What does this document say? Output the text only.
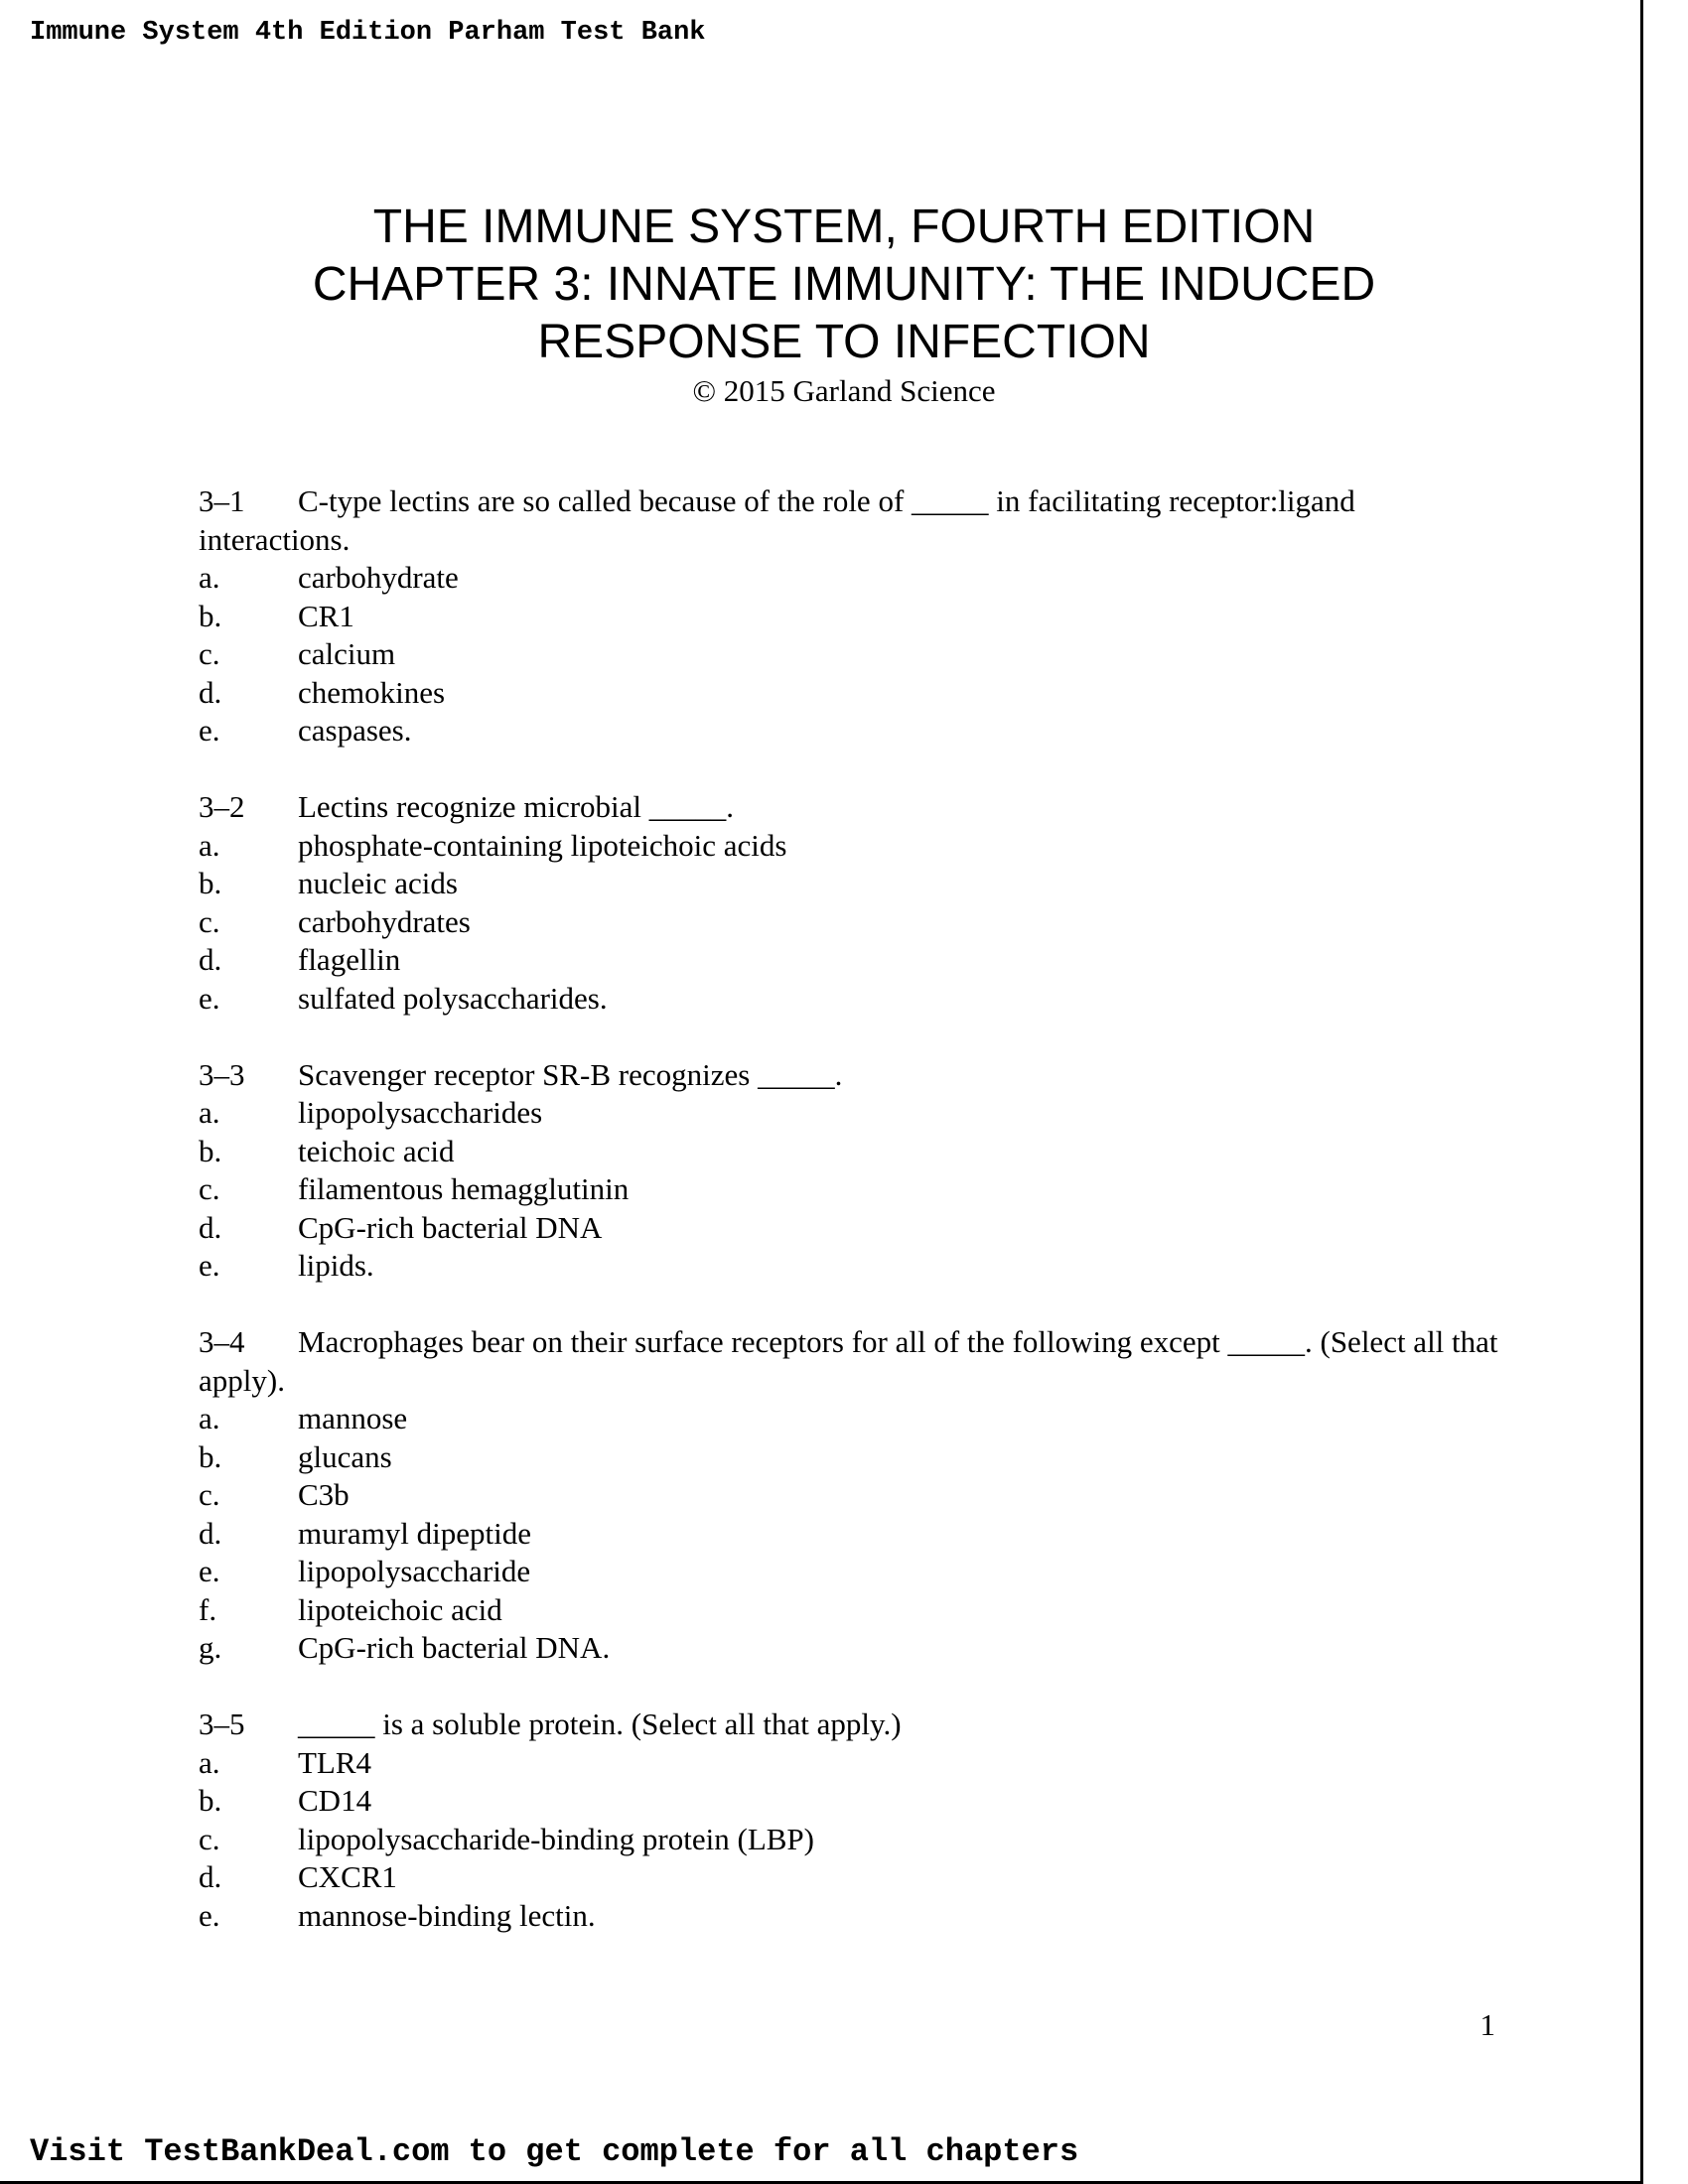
Immune System 4th Edition Parham Test Bank
THE IMMUNE SYSTEM, FOURTH EDITION
CHAPTER 3: INNATE IMMUNITY: THE INDUCED
RESPONSE TO INFECTION
© 2015 Garland Science
3–1 C-type lectins are so called because of the role of _____ in facilitating receptor:ligand interactions.
a.	carbohydrate
b. CR1
c.	calcium
d. chemokines
e.	caspases.
3–2 Lectins recognize microbial _____.
a.	phosphate-containing lipoteichoic acids
b. nucleic acids
c.	carbohydrates
d. flagellin
e.	sulfated polysaccharides.
3–3 Scavenger receptor SR-B recognizes _____.
a.	lipopolysaccharides
b. teichoic acid
c.	filamentous hemagglutinin
d. CpG-rich bacterial DNA
e.	lipids.
3–4 Macrophages bear on their surface receptors for all of the following except _____. (Select all that apply).
a.	mannose
b. glucans
c.	C3b
d. muramyl dipeptide
e.	lipopolysaccharide
f.	lipoteichoic acid
g. CpG-rich bacterial DNA.
3–5 _____ is a soluble protein. (Select all that apply.)
a.	TLR4
b. CD14
c.	lipopolysaccharide-binding protein (LBP)
d. CXCR1
e.	mannose-binding lectin.
1
Visit TestBankDeal.com to get complete for all chapters
